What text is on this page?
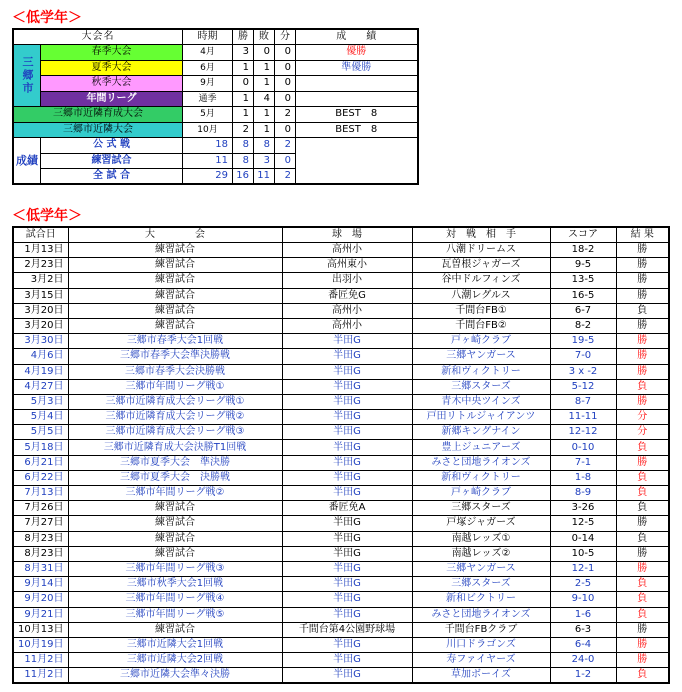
＜低学年＞
大会名		時期	勝	敗	分	成　　績
三郷市	春季大会	4月	3	0	0	優勝
	夏季大会	6月	1	1	0	準優勝
	秋季大会	9月	0	1	0	
	年間リーグ	通季	1	4	0	
三郷市近隣育成大会		5月	1	1	2	BEST　8
三郷市近隣大会		10月	2	1	0	BEST　8
成績	公 式 戦	18	8	8	2	
	練習試合	11	8	3	0	
	全 試 合	29	16	11	2	
＜低学年＞
試合日	大　　　　会	球　場	対　戦　相　手	スコア	結 果
1月13日	練習試合	高州小	八潮ドリームス	18-2	勝
2月23日	練習試合	高州東小	瓦曽根ジャガーズ	9-5	勝
3月2日	練習試合	出羽小	谷中ドルフィンズ	13-5	勝
3月15日	練習試合	番匠免G	八潮レグルス	16-5	勝
3月20日	練習試合	高州小	千間台FB①	6-7	負
3月20日	練習試合	高州小	千間台FB②	8-2	勝
3月30日	三郷市春季大会1回戦	半田G	戸ヶ崎クラブ	19-5	勝
4月6日	三郷市春季大会準決勝戦	半田G	三郷ヤンガース	7-0	勝
4月19日	三郷市春季大会決勝戦	半田G	新和ヴィクトリー	3 x -2	勝
4月27日	三郷市年間リーグ戦①	半田G	三郷スターズ	5-12	負
5月3日	三郷市近隣育成大会リーグ戦①	半田G	青木中央ツインズ	8-7	勝
5月4日	三郷市近隣育成大会リーグ戦②	半田G	戸田リトルジャイアンツ	11-11	分
5月5日	三郷市近隣育成大会リーグ戦③	半田G	新郷キングナイン	12-12	分
5月18日	三郷市近隣育成大会決勝T1回戦	半田G	豊上ジュニアーズ	0-10	負
6月21日	三郷市夏季大会　準決勝	半田G	みさと団地ライオンズ	7-1	勝
6月22日	三郷市夏季大会　決勝戦	半田G	新和ヴィクトリー	1-8	負
7月13日	三郷市年間リーグ戦②	半田G	戸ヶ崎クラブ	8-9	負
7月26日	練習試合	番匠免A	三郷スターズ	3-26	負
7月27日	練習試合	半田G	戸塚ジャガーズ	12-5	勝
8月23日	練習試合	半田G	南越レッズ①	0-14	負
8月23日	練習試合	半田G	南越レッズ②	10-5	勝
8月31日	三郷市年間リーグ戦③	半田G	三郷ヤンガース	12-1	勝
9月14日	三郷市秋季大会1回戦	半田G	三郷スターズ	2-5	負
9月20日	三郷市年間リーグ戦④	半田G	新和ビクトリー	9-10	負
9月21日	三郷市年間リーグ戦⑤	半田G	みさと団地ライオンズ	1-6	負
10月13日	練習試合	千間台第4公園野球場	千間台FBクラブ	6-3	勝
10月19日	三郷市近隣大会1回戦	半田G	川口ドラゴンズ	6-4	勝
11月2日	三郷市近隣大会2回戦	半田G	寿ファイヤーズ	24-0	勝
11月2日	三郷市近隣大会準々決勝	半田G	草加ボーイズ	1-2	負
